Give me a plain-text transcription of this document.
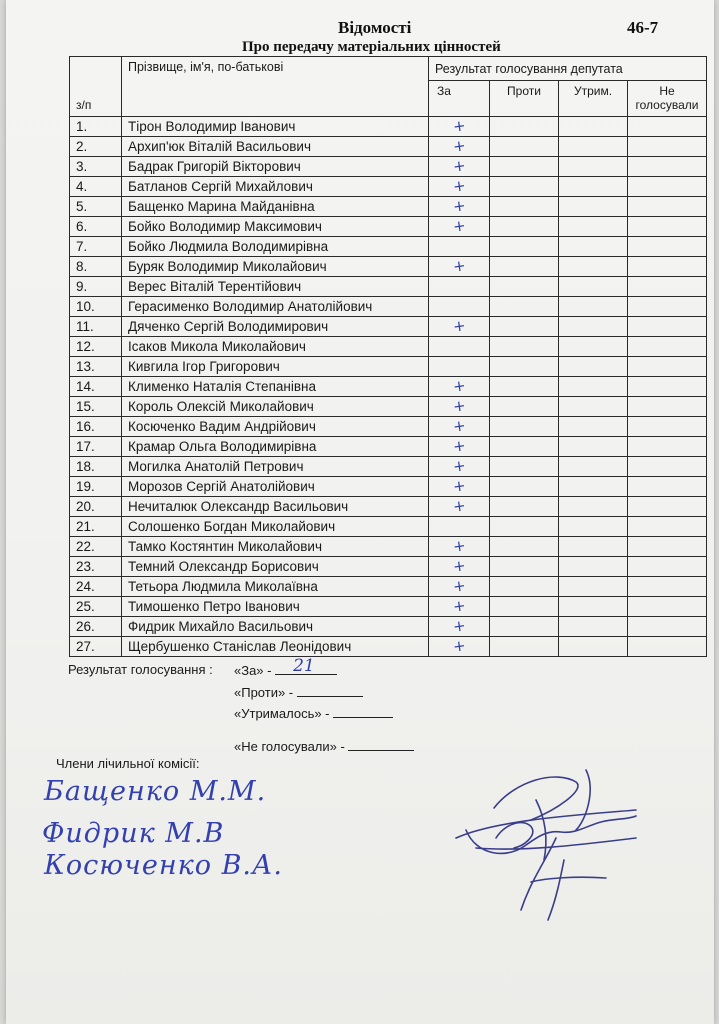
Відомості	46-7
Про передачу матеріальних цінностей
з/п	Прізвище, ім'я, по-батькові	Результат голосування депутата			
		За	Проти	Утрим.	Не голосували
1.	Тірон Володимир Іванович	+			
2.	Архип'юк Віталій Васильович	+			
3.	Бадрак Григорій Вікторович	+			
4.	Батланов Сергій Михайлович	+			
5.	Бащенко Марина Майданівна	+			
6.	Бойко Володимир Максимович	+			
7.	Бойко Людмила Володимирівна				
8.	Буряк Володимир Миколайович	+			
9.	Верес Віталій Терентійович				
10.	Герасименко Володимир Анатолійович				
11.	Дяченко Сергій Володимирович	+			
12.	Ісаков Микола Миколайович				
13.	Кивгила Ігор Григорович				
14.	Клименко Наталія Степанівна	+			
15.	Король Олексій Миколайович	+			
16.	Косюченко Вадим Андрійович	+			
17.	Крамар Ольга Володимирівна	+			
18.	Могилка Анатолій Петрович	+			
19.	Морозов Сергій Анатолійович	+			
20.	Нечиталюк Олександр Васильович	+			
21.	Солошенко Богдан Миколайович				
22.	Тамко Костянтин Миколайович	+			
23.	Темний Олександр Борисович	+			
24.	Тетьора Людмила Миколаївна	+			
25.	Тимошенко Петро Іванович	+			
26.	Фидрик Михайло Васильович	+			
27.	Щербушенко Станіслав Леонідович	+			
Результат голосування : «За» - 21
«Проти» -
«Утрималось» -
«Не голосували» -
Члени лічильної комісії:
Бащенко М.М.
Фидрик М.В
Косюченко В.А.
